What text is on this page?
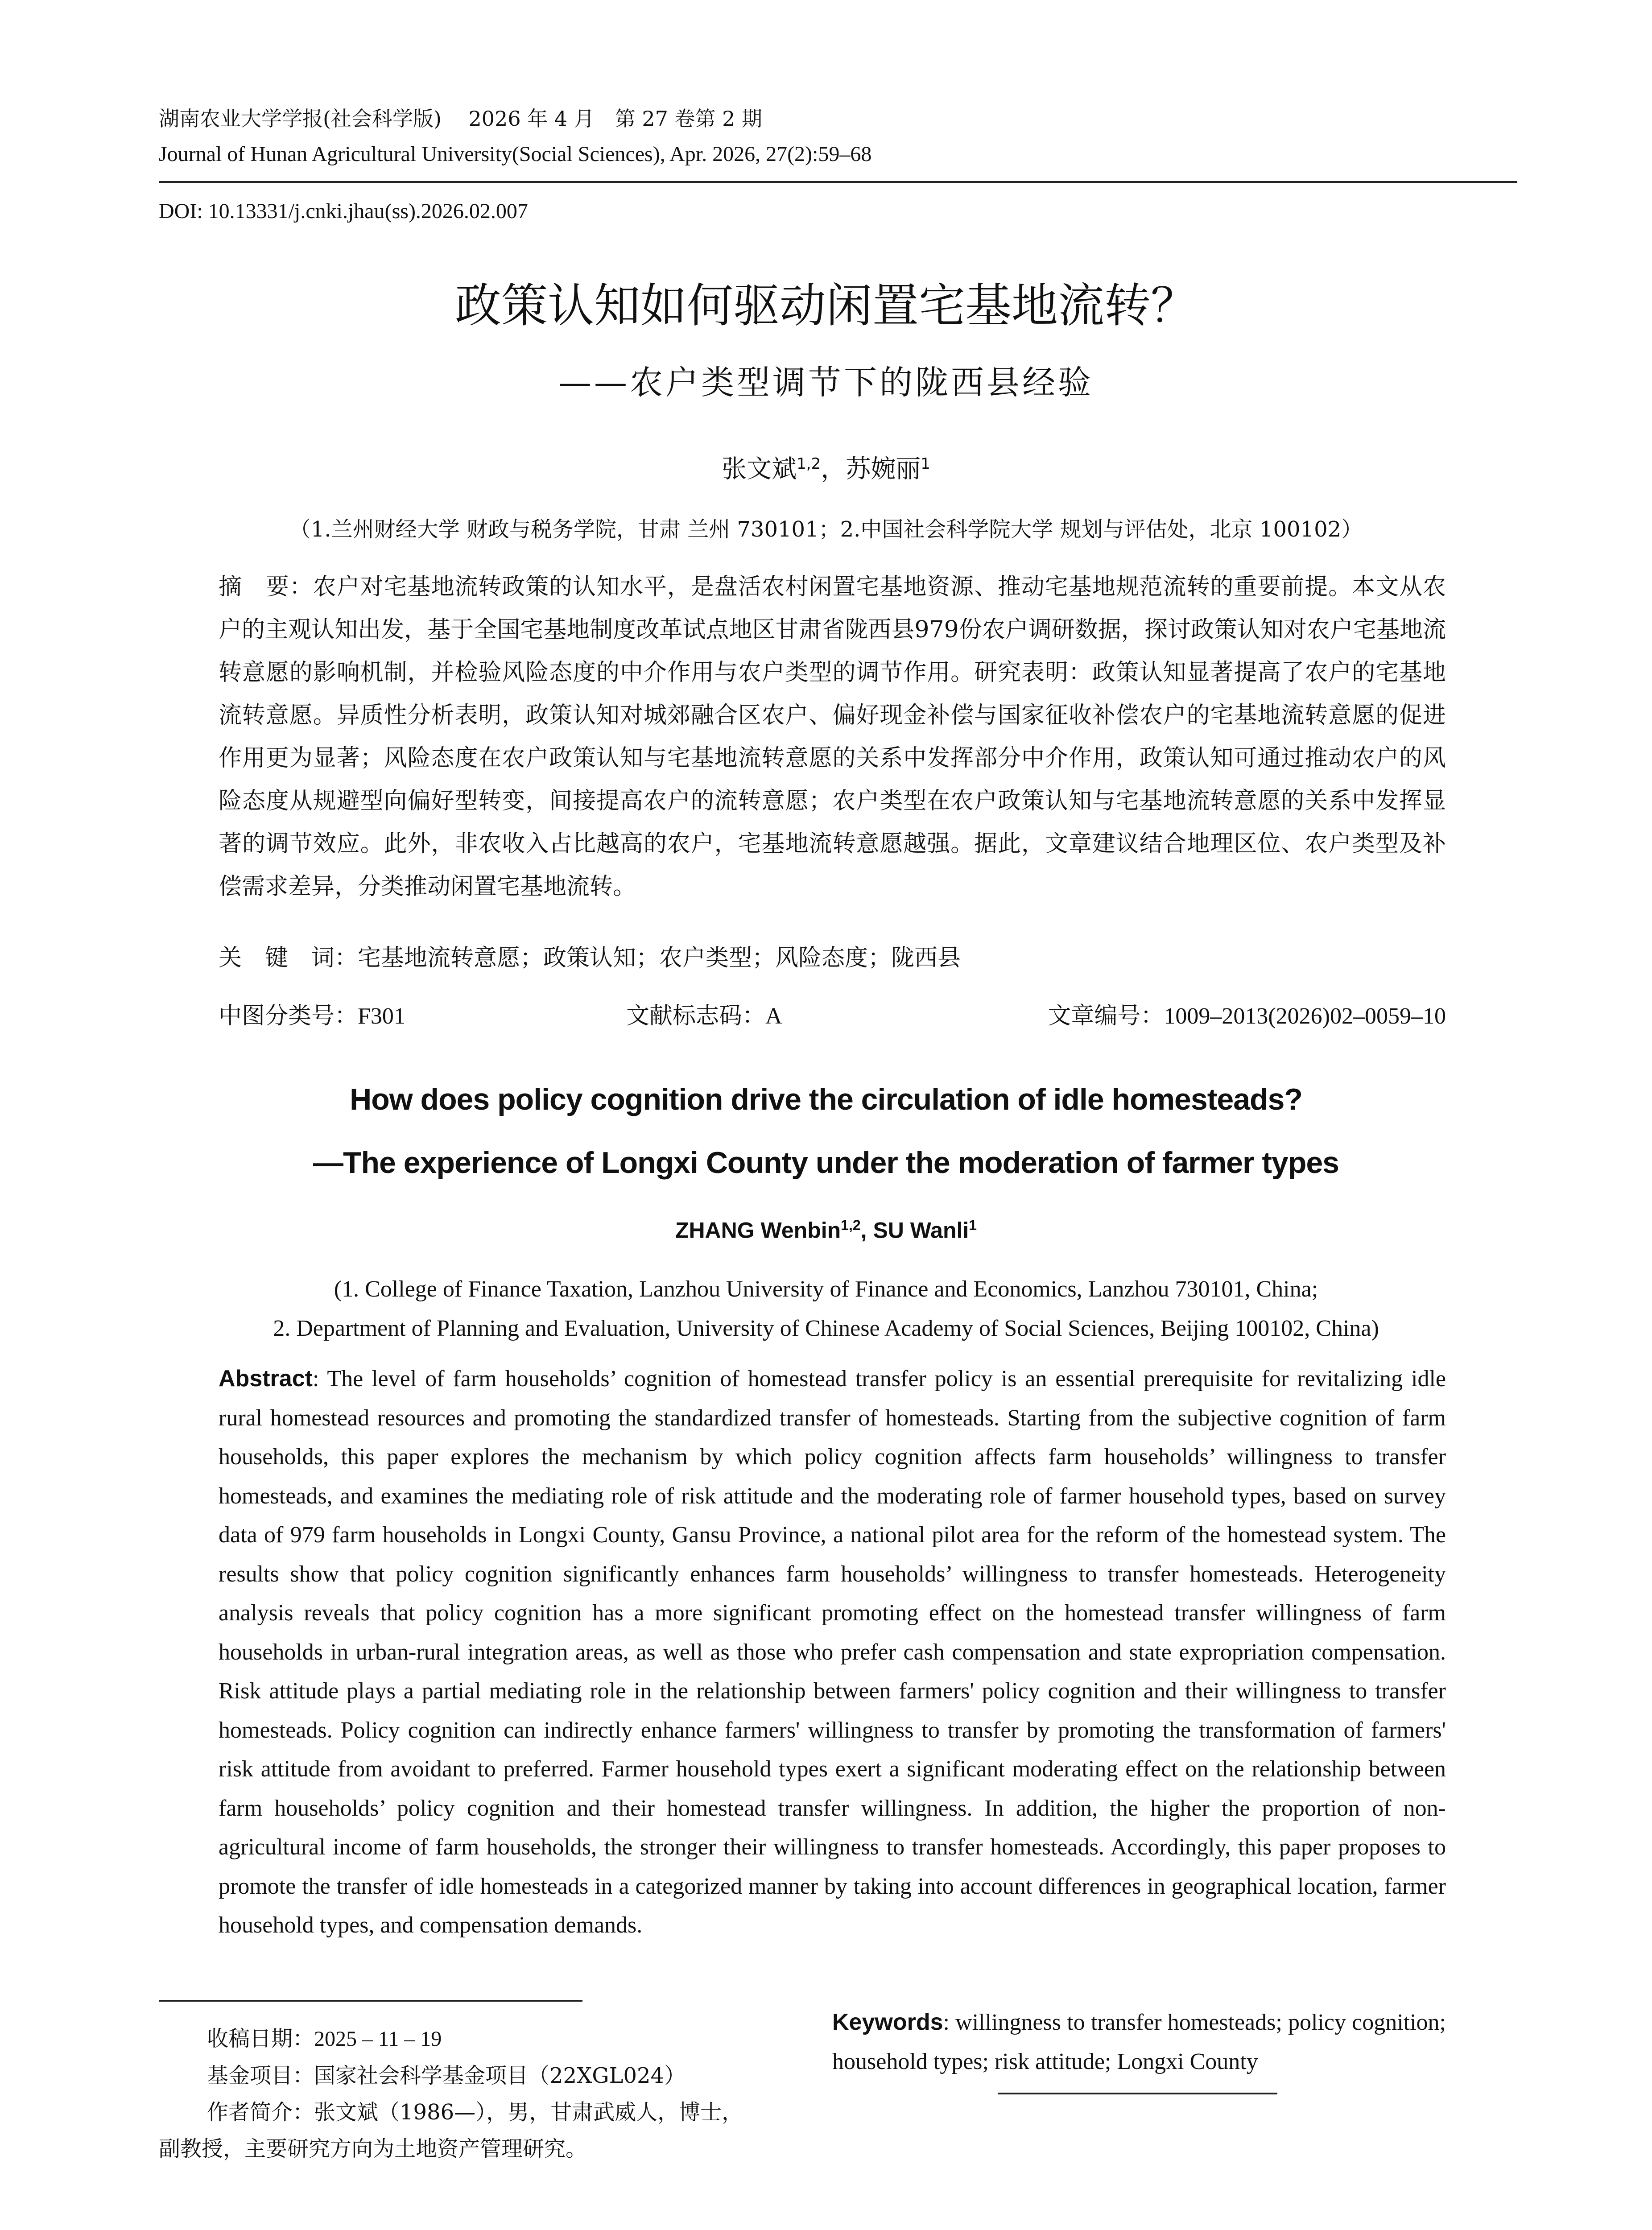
湖南农业大学学报(社会科学版)　 2026 年 4 月　第 27 卷第 2 期
Journal of Hunan Agricultural University(Social Sciences), Apr. 2026, 27(2):59–68
DOI: 10.13331/j.cnki.jhau(ss).2026.02.007
政策认知如何驱动闲置宅基地流转？
——农户类型调节下的陇西县经验
张文斌$^{1,2}$，苏婉丽$^1$
（1.兰州财经大学 财政与税务学院，甘肃 兰州 730101；2.中国社会科学院大学 规划与评估处，北京 100102）
摘　要：农户对宅基地流转政策的认知水平，是盘活农村闲置宅基地资源、推动宅基地规范流转的重要前提。本文从农户的主观认知出发，基于全国宅基地制度改革试点地区甘肃省陇西县979份农户调研数据，探讨政策认知对农户宅基地流转意愿的影响机制，并检验风险态度的中介作用与农户类型的调节作用。研究表明：政策认知显著提高了农户的宅基地流转意愿。异质性分析表明，政策认知对城郊融合区农户、偏好现金补偿与国家征收补偿农户的宅基地流转意愿的促进作用更为显著；风险态度在农户政策认知与宅基地流转意愿的关系中发挥部分中介作用，政策认知可通过推动农户的风险态度从规避型向偏好型转变，间接提高农户的流转意愿；农户类型在农户政策认知与宅基地流转意愿的关系中发挥显著的调节效应。此外，非农收入占比越高的农户，宅基地流转意愿越强。据此，文章建议结合地理区位、农户类型及补偿需求差异，分类推动闲置宅基地流转。
关　键　词：宅基地流转意愿；政策认知；农户类型；风险态度；陇西县
中图分类号：F301	文献标志码：A	文章编号：1009–2013(2026)02–0059–10
How does policy cognition drive the circulation of idle homesteads?
—The experience of Longxi County under the moderation of farmer types
ZHANG Wenbin$^{1,2}$, SU Wanli$^1$
(1. College of Finance Taxation, Lanzhou University of Finance and Economics, Lanzhou 730101, China;
2. Department of Planning and Evaluation, University of Chinese Academy of Social Sciences, Beijing 100102, China)
Abstract: The level of farm households’ cognition of homestead transfer policy is an essential prerequisite for revitalizing idle rural homestead resources and promoting the standardized transfer of homesteads. Starting from the subjective cognition of farm households, this paper explores the mechanism by which policy cognition affects farm households’ willingness to transfer homesteads, and examines the mediating role of risk attitude and the moderating role of farmer household types, based on survey data of 979 farm households in Longxi County, Gansu Province, a national pilot area for the reform of the homestead system. The results show that policy cognition significantly enhances farm households’ willingness to transfer homesteads. Heterogeneity analysis reveals that policy cognition has a more significant promoting effect on the homestead transfer willingness of farm households in urban-rural integration areas, as well as those who prefer cash compensation and state expropriation compensation. Risk attitude plays a partial mediating role in the relationship between farmers' policy cognition and their willingness to transfer homesteads. Policy cognition can indirectly enhance farmers' willingness to transfer by promoting the transformation of farmers' risk attitude from avoidant to preferred. Farmer household types exert a significant moderating effect on the relationship between farm households’ policy cognition and their homestead transfer willingness. In addition, the higher the proportion of non-agricultural income of farm households, the stronger their willingness to transfer homesteads. Accordingly, this paper proposes to promote the transfer of idle homesteads in a categorized manner by taking into account differences in geographical location, farmer household types, and compensation demands.
Keywords: willingness to transfer homesteads; policy cognition; household types; risk attitude; Longxi County
收稿日期：2025 – 11 – 19
基金项目：国家社会科学基金项目（22XGL024）
作者简介：张文斌（1986—），男，甘肃武威人，博士，
副教授，主要研究方向为土地资产管理研究。
